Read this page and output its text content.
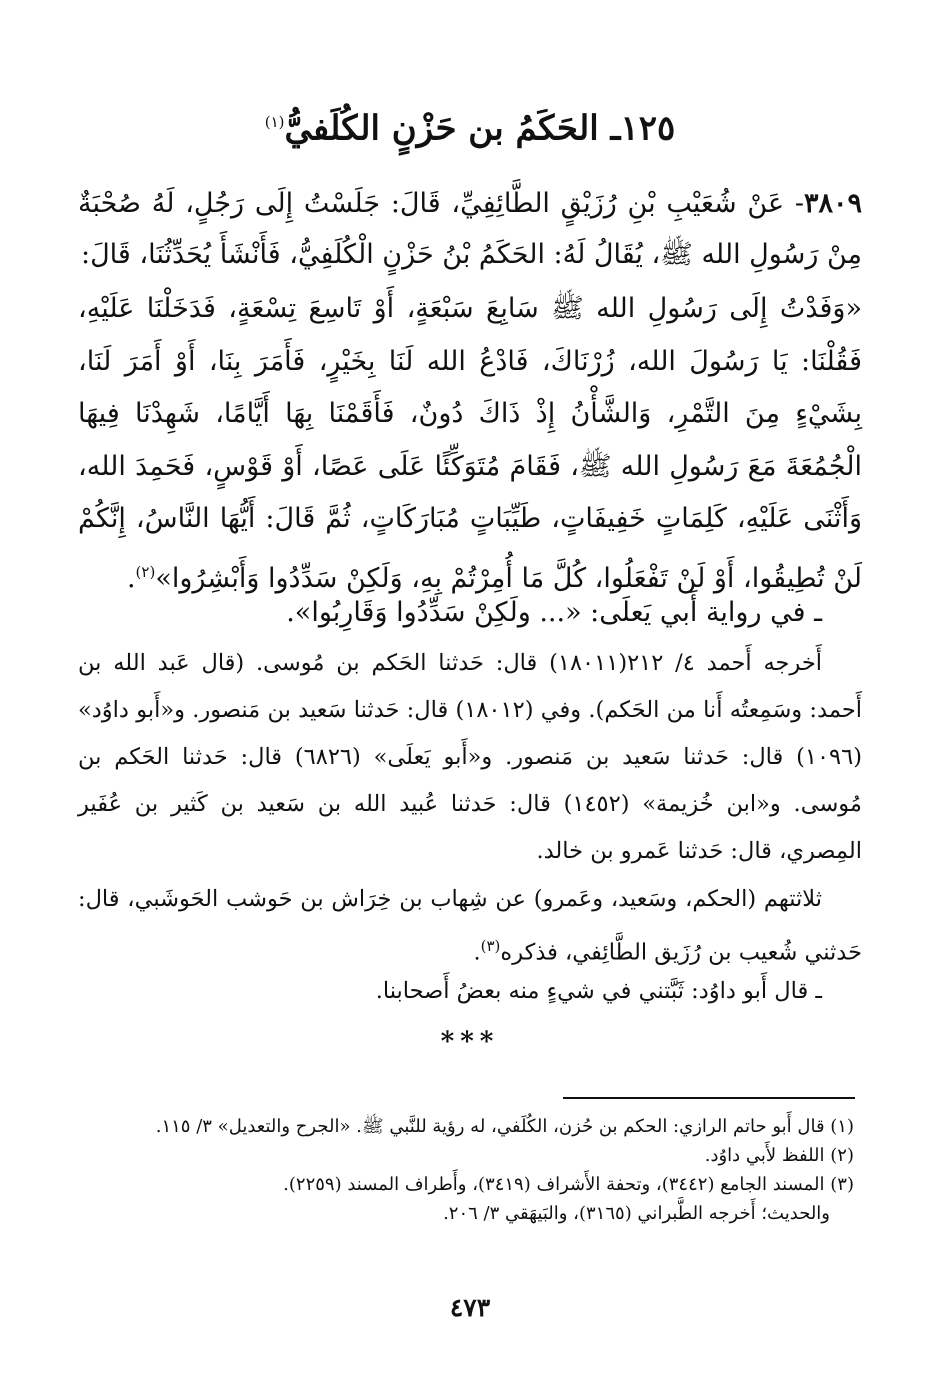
١٢٥ـ الحَكَمُ بن حَزْنٍ الكُلَفيُّ$^{(١)}$
٣٨٠٩- عَنْ شُعَيْبِ بْنِ رُزَيْقٍ الطَّائِفِيِّ، قَالَ: جَلَسْتُ إِلَى رَجُلٍ، لَهُ صُحْبَةٌ مِنْ رَسُولِ الله ﷺ، يُقَالُ لَهُ: الحَكَمُ بْنُ حَزْنٍ الْكُلَفِيُّ، فَأَنْشَأَ يُحَدِّثُنَا، قَالَ:
«وَفَدْتُ إِلَى رَسُولِ الله ﷺ سَابِعَ سَبْعَةٍ، أَوْ تَاسِعَ تِسْعَةٍ، فَدَخَلْنَا عَلَيْهِ، فَقُلْنَا: يَا رَسُولَ الله، زُرْنَاكَ، فَادْعُ الله لَنَا بِخَيْرٍ، فَأَمَرَ بِنَا، أَوْ أَمَرَ لَنَا، بِشَيْءٍ مِنَ التَّمْرِ، وَالشَّأْنُ إِذْ ذَاكَ دُونٌ، فَأَقَمْنَا بِهَا أَيَّامًا، شَهِدْنَا فِيهَا الْجُمُعَةَ مَعَ رَسُولِ الله ﷺ، فَقَامَ مُتَوَكِّئًا عَلَى عَصًا، أَوْ قَوْسٍ، فَحَمِدَ الله، وَأَثْنَى عَلَيْهِ، كَلِمَاتٍ خَفِيفَاتٍ، طَيِّبَاتٍ مُبَارَكَاتٍ، ثُمَّ قَالَ: أَيُّهَا النَّاسُ، إِنَّكُمْ لَنْ تُطِيقُوا، أَوْ لَنْ تَفْعَلُوا، كُلَّ مَا أُمِرْتُمْ بِهِ، وَلَكِنْ سَدِّدُوا وَأَبْشِرُوا»$^{(٢)}$.
ـ في رواية أَبي يَعلَى: «... ولَكِنْ سَدِّدُوا وَقَارِبُوا».
أَخرجه أَحمد ٤/ ٢١٢(١٨٠١١) قال: حَدثنا الحَكم بن مُوسى. (قال عَبد الله بن أَحمد: وسَمِعتُه أَنا من الحَكم). وفي (١٨٠١٢) قال: حَدثنا سَعيد بن مَنصور. و«أَبو داوُد» (١٠٩٦) قال: حَدثنا سَعيد بن مَنصور. و«أَبو يَعلَى» (٦٨٢٦) قال: حَدثنا الحَكم بن مُوسى. و«ابن خُزيمة» (١٤٥٢) قال: حَدثنا عُبيد الله بن سَعيد بن كَثير بن عُفَير المِصري، قال: حَدثنا عَمرو بن خالد.
ثلاثتهم (الحكم، وسَعيد، وعَمرو) عن شِهاب بن خِرَاش بن حَوشب الحَوشَبي، قال: حَدثني شُعيب بن رُزَيق الطَّائِفي، فذكره$^{(٣)}$.
ـ قال أَبو داوُد: ثَبَّتني في شيءٍ منه بعضُ أَصحابنا.
***
(١) قال أَبو حاتم الرازي: الحكم بن حُزن، الكُلَفي، له رؤية للنَّبي ﷺ. «الجرح والتعديل» ٣/ ١١٥.
(٢) اللفظ لأَبي داوُد.
(٣) المسند الجامع (٣٤٤٢)، وتحفة الأَشراف (٣٤١٩)، وأَطراف المسند (٢٢٥٩).
والحديث؛ أَخرجه الطَّبراني (٣١٦٥)، والبَيهَقي ٣/ ٢٠٦.
٤٧٣
